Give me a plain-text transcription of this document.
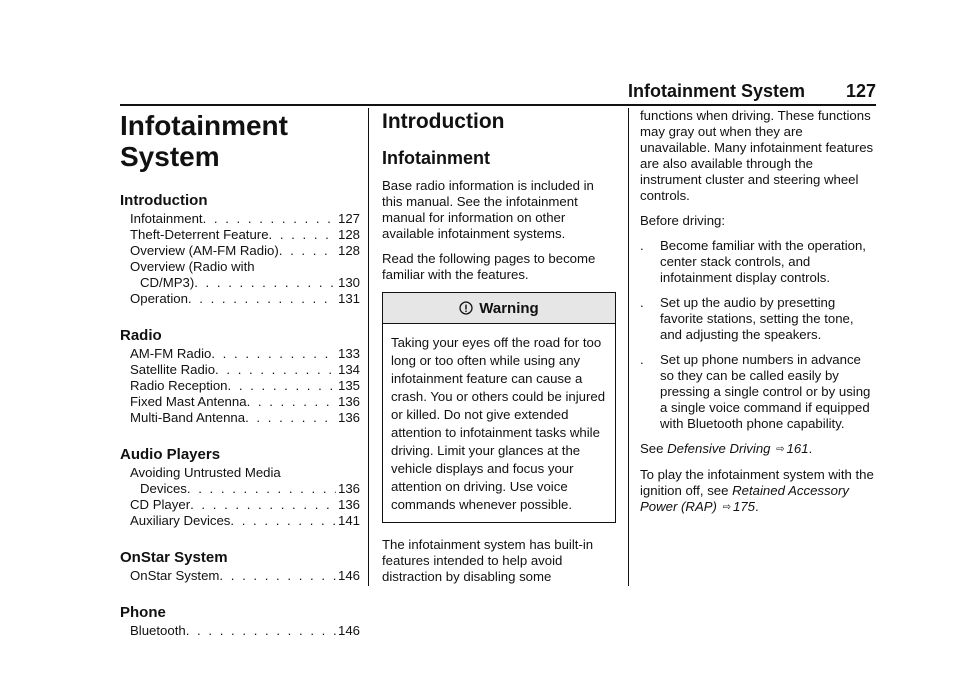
Infotainment System 127
Infotainment
System
Introduction
Infotainment . . .	127
Theft-Deterrent Feature . . .	128
Overview (AM-FM Radio) . . .	128
Overview (Radio with
CD/MP3) . . .	130
Operation . . .	131
Radio
AM-FM Radio . . .	133
Satellite Radio . . .	134
Radio Reception . . .	135
Fixed Mast Antenna . . .	136
Multi-Band Antenna . . .	136
Audio Players
Avoiding Untrusted Media
Devices . . .	136
CD Player . . .	136
Auxiliary Devices . . .	141
OnStar System
OnStar System . . .	146
Phone
Bluetooth . . .	146
Introduction
Infotainment

Base radio information is included in this manual. See the infotainment manual for information on other available infotainment systems.

Read the following pages to become familiar with the features.

Warning
Taking your eyes off the road for too long or too often while using any infotainment feature can cause a crash. You or others could be injured or killed. Do not give extended attention to infotainment tasks while driving. Limit your glances at the vehicle displays and focus your attention on driving. Use voice commands whenever possible.

The infotainment system has built-in features intended to help avoid distraction by disabling some

functions when driving. These functions may gray out when they are unavailable. Many infotainment features are also available through the instrument cluster and steering wheel controls.

Before driving:

.	Become familiar with the operation, center stack controls, and infotainment display controls.
.	Set up the audio by presetting favorite stations, setting the tone, and adjusting the speakers.
.	Set up phone numbers in advance so they can be called easily by pressing a single control or by using a single voice command if equipped with Bluetooth phone capability.

See Defensive Driving ⇨ 161.

To play the infotainment system with the ignition off, see Retained Accessory Power (RAP) ⇨ 175.
